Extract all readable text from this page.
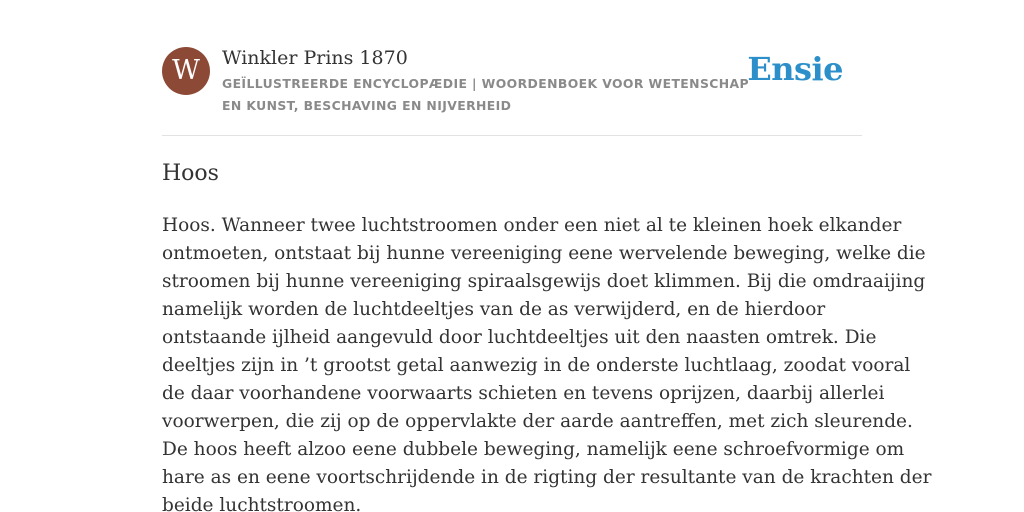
W	Winkler Prins 1870
GEÏLLUSTREERDE ENCYCLOPÆDIE | WOORDENBOEK VOOR WETENSCHAP EN KUNST, BESCHAVING EN NIJVERHEID
Ensie
Hoos
Hoos. Wanneer twee luchtstroomen onder een niet al te kleinen hoek elkander
ontmoeten, ontstaat bij hunne vereeniging eene wervelende beweging, welke die
stroomen bij hunne vereeniging spiraalsgewijs doet klimmen. Bij die omdraaijing
namelijk worden de luchtdeeltjes van de as verwijderd, en de hierdoor
ontstaande ijlheid aangevuld door luchtdeeltjes uit den naasten omtrek. Die
deeltjes zijn in ’t grootst getal aanwezig in de onderste luchtlaag, zoodat vooral
de daar voorhandene voorwaarts schieten en tevens oprijzen, daarbij allerlei
voorwerpen, die zij op de oppervlakte der aarde aantreffen, met zich sleurende.
De hoos heeft alzoo eene dubbele beweging, namelijk eene schroefvormige om
hare as en eene voortschrijdende in de rigting der resultante van de krachten der
beide luchtstroomen.
